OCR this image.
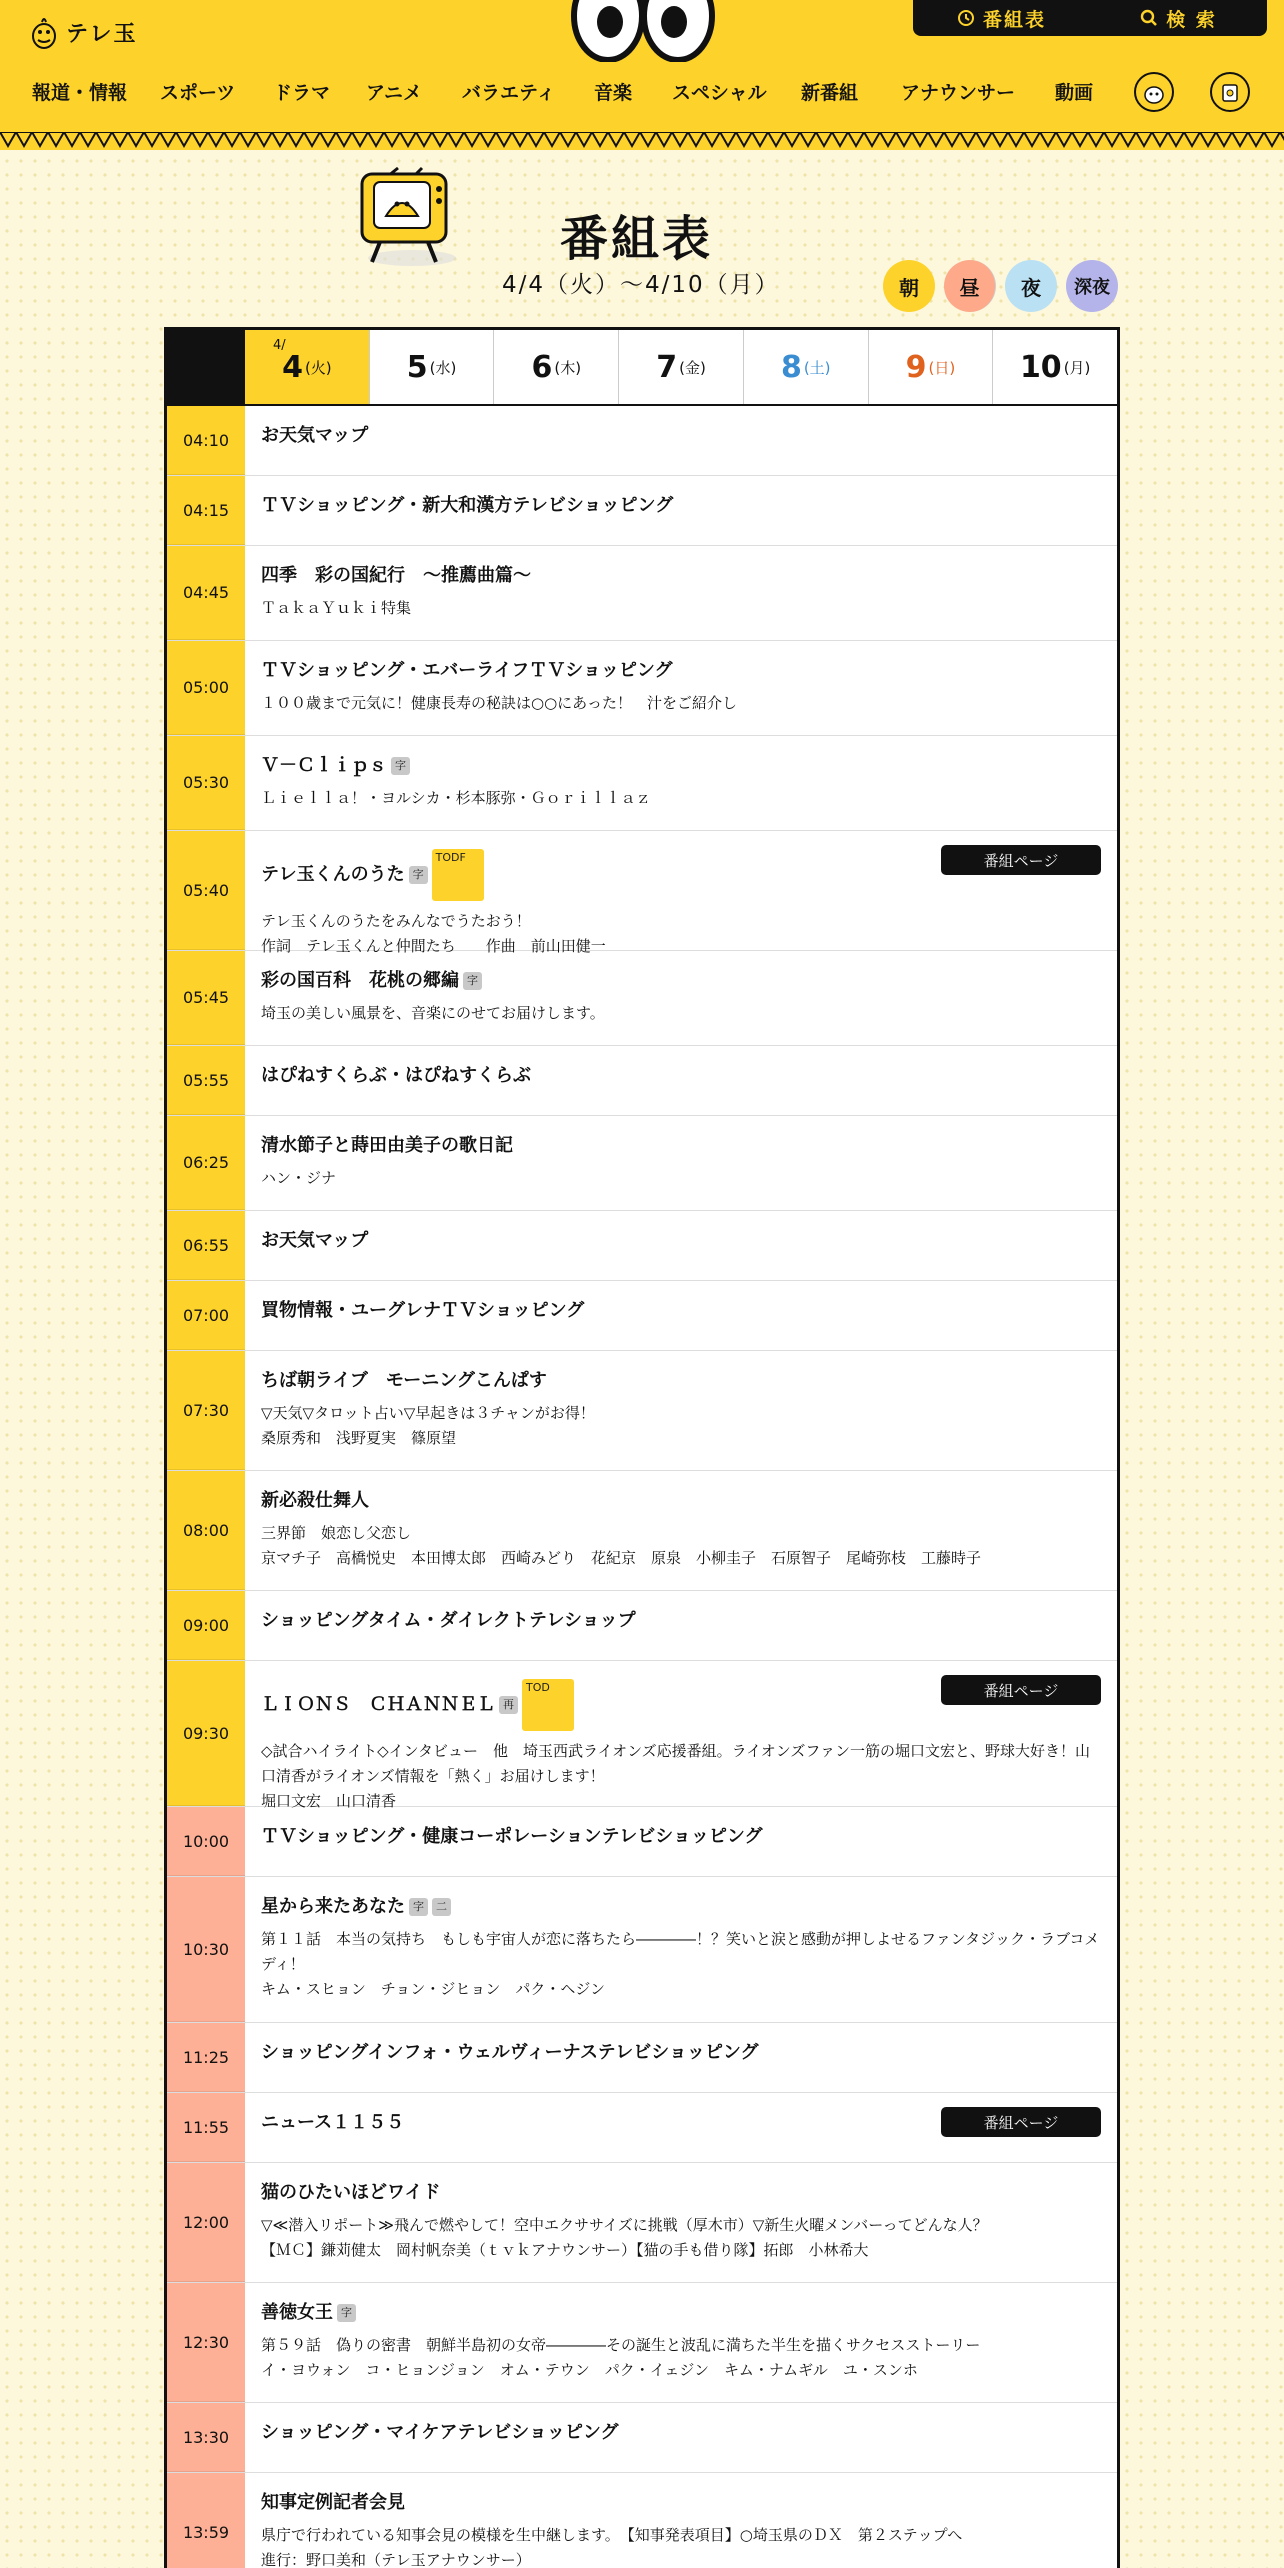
テレ玉
番組表	検 索
報道・情報 スポーツ ドラマ アニメ バラエティ 音楽 スペシャル 新番組 アナウンサー 動画
番組表
4/4（火）〜4/10（月）	朝	昼	夜	深夜
4/
4 (火)	5 (水)	6 (木)	7 (金)	8 (土)	9 (日) 10 (月)
04:10	お天気マップ
04:15	ＴＶショッピング・新大和漢方テレビショッピング
04:45
四季　彩の国紀行　～推薦曲篇～
ＴａｋａＹｕｋｉ特集
05:00
ＴＶショッピング・エバーライフＴＶショッピング
１００歳まで元気に！健康長寿の秘訣は○○にあった！　汁をご紹介し
05:30
Ｖ－Ｃｌｉｐｓ 字
Ｌｉｅｌｌａ！・ヨルシカ・杉本豚弥・Ｇｏｒｉｌｌａｚ
05:40
テレ玉くんのうた 字
TODF
テレ玉くんのうたをみんなでうたおう！
作詞　テレ玉くんと仲間たち　　作曲　前山田健一
番組ページ
05:45
彩の国百科　花桃の郷編 字
埼玉の美しい風景を、音楽にのせてお届けします。
05:55	はぴねすくらぶ・はぴねすくらぶ
06:25
清水節子と蒔田由美子の歌日記
ハン・ジナ
06:55	お天気マップ
07:00	買物情報・ユーグレナＴＶショッピング
07:30
ちば朝ライブ　モーニングこんぱす
▽天気▽タロット占い▽早起きは３チャンがお得！
桑原秀和　浅野夏実　篠原望
08:00
新必殺仕舞人
三界節　娘恋し父恋し
京マチ子　高橋悦史　本田博太郎　西崎みどり　花紀京　原泉　小柳圭子　石原智子　尾崎弥枝　工藤時子
09:00	ショッピングタイム・ダイレクトテレショップ
09:30
ＬＩＯＮＳ　ＣＨＡＮＮＥＬ 再
TOD
◇試合ハイライト◇インタビュー　他　埼玉西武ライオンズ応援番組。ライオンズファン一筋の堀口文宏と、野球大好き！山口清香がライオンズ情報を「熱く」お届けします！
堀口文宏　山口清香
番組ページ
10:00	ＴＶショッピング・健康コーポレーションテレビショッピング
10:30
星から来たあなた 字	二
第１１話　本当の気持ち　もしも宇宙人が恋に落ちたら――――！？笑いと涙と感動が押しよせるファンタジック・ラブコメディ！
キム・スヒョン　チョン・ジヒョン　パク・ヘジン
11:25	ショッピングインフォ・ウェルヴィーナステレビショッピング
11:55	ニュース１１５５	番組ページ
12:00
猫のひたいほどワイド
▽≪潜入リポート≫飛んで燃やして！空中エクササイズに挑戦（厚木市）▽新生火曜メンバーってどんな人？
【ＭＣ】鎌苅健太　岡村帆奈美（ｔｖｋアナウンサー）【猫の手も借り隊】拓郎　小林希大
12:30
善徳女王 字
第５９話　偽りの密書　朝鮮半島初の女帝――――その誕生と波乱に満ちた半生を描くサクセスストーリー
イ・ヨウォン　コ・ヒョンジョン　オム・テウン　パク・イェジン　キム・ナムギル　ユ・スンホ
13:30	ショッピング・マイケアテレビショッピング
13:59
知事定例記者会見
県庁で行われている知事会見の模様を生中継します。　【知事発表項目】○埼玉県のＤＸ　第２ステップへ
進行：野口美和（テレ玉アナウンサー）
